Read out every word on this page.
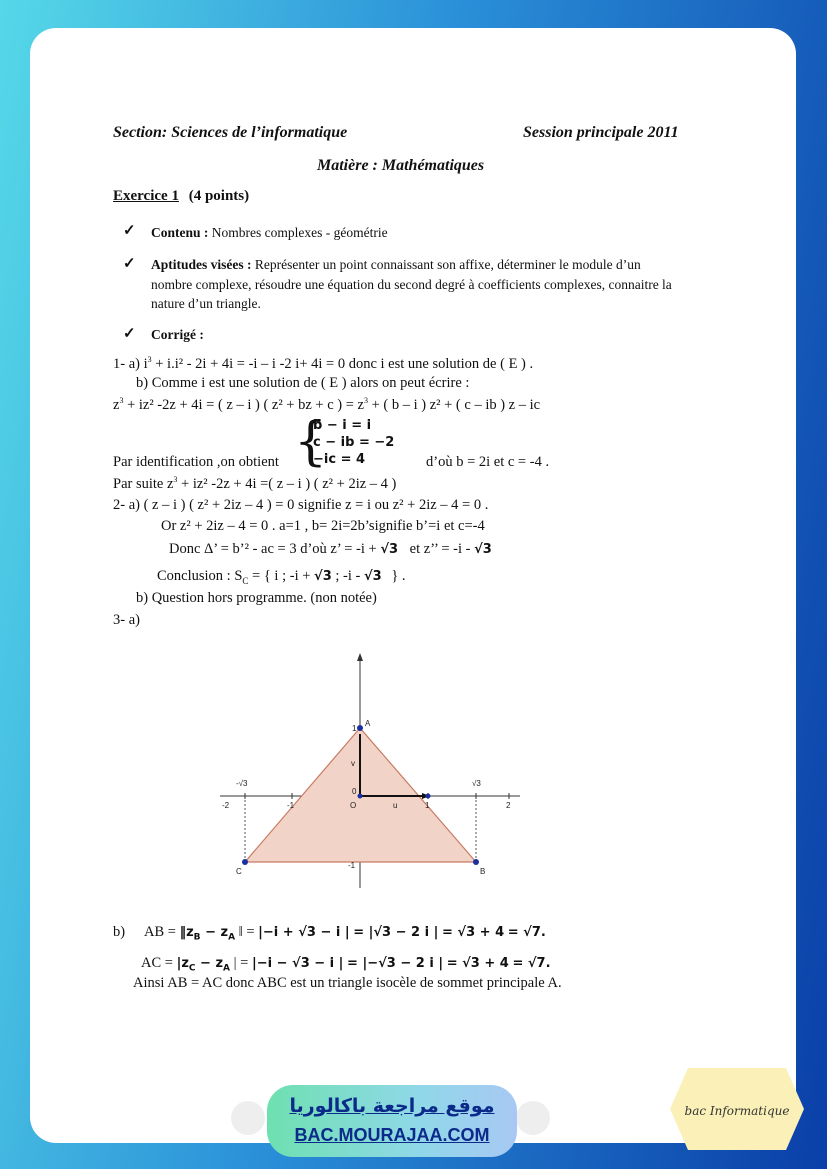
Section: Sciences de l’informatique	Session principale 2011
Matière : Mathématiques
Exercice 1 (4 points)
✓ Contenu : Nombres complexes - géométrie
✓ Aptitudes visées : Représenter un point connaissant son affixe, déterminer le module d’un
nombre complexe, résoudre une équation du second degré à coefficients complexes, connaitre la
nature d’un triangle.
✓ Corrigé :
1- a) $i^3 + i.i^2 - 2i + 4i = -i - i$ -2 i+ 4i = 0 donc i est une solution de ( E ) .
b) Comme i est une solution de ( E ) alors on peut écrire :
$z^3 + iz^2$ -2z + 4i = ( z – i ) ( z² + bz + c ) = $z^3$ + ( b – i ) z² + ( c – ib ) z – ic
Par identification ,on obtient {
b − i = i
c − ib = −2
−ic = 4	d’où b = 2i et c = -4 .
Par suite $z^3 + iz^2$ -2z + 4i =( z – i ) ( z² + 2iz – 4 )
2- a) ( z – i ) ( z² + 2iz – 4 ) = 0 signifie z = i ou z² + 2iz – 4 = 0 .
Or z² + 2iz – 4 = 0 . a=1 , b= 2i=2b’signifie b’=i et c=-4
Donc Δ’ = b’² - ac = 3 d’où z’ = -i + √3 et z’’ = -i - √3
Conclusion : $S_C$ = { i ; -i + √3 ; -i - √3 } .
b) Question hors programme. (non notée)
3- a)
A
B
C
O	u
v
1
-1
0
-2	-1	1	2
-√3	√3
b) AB = $‖z_B - z_A$ ‖ = |−i + √3 − i | = |√3 − 2 i | = √3 + 4 = √7.
AC = $|z_C - z_A$ | = |−i − √3 − i | = |−√3 − 2 i | = √3 + 4 = √7.
Ainsi AB = AC donc ABC est un triangle isocèle de sommet principale A.
موقع مراجعة باكالوريا
BAC.MOURAJAA.COM
bac Informatique
